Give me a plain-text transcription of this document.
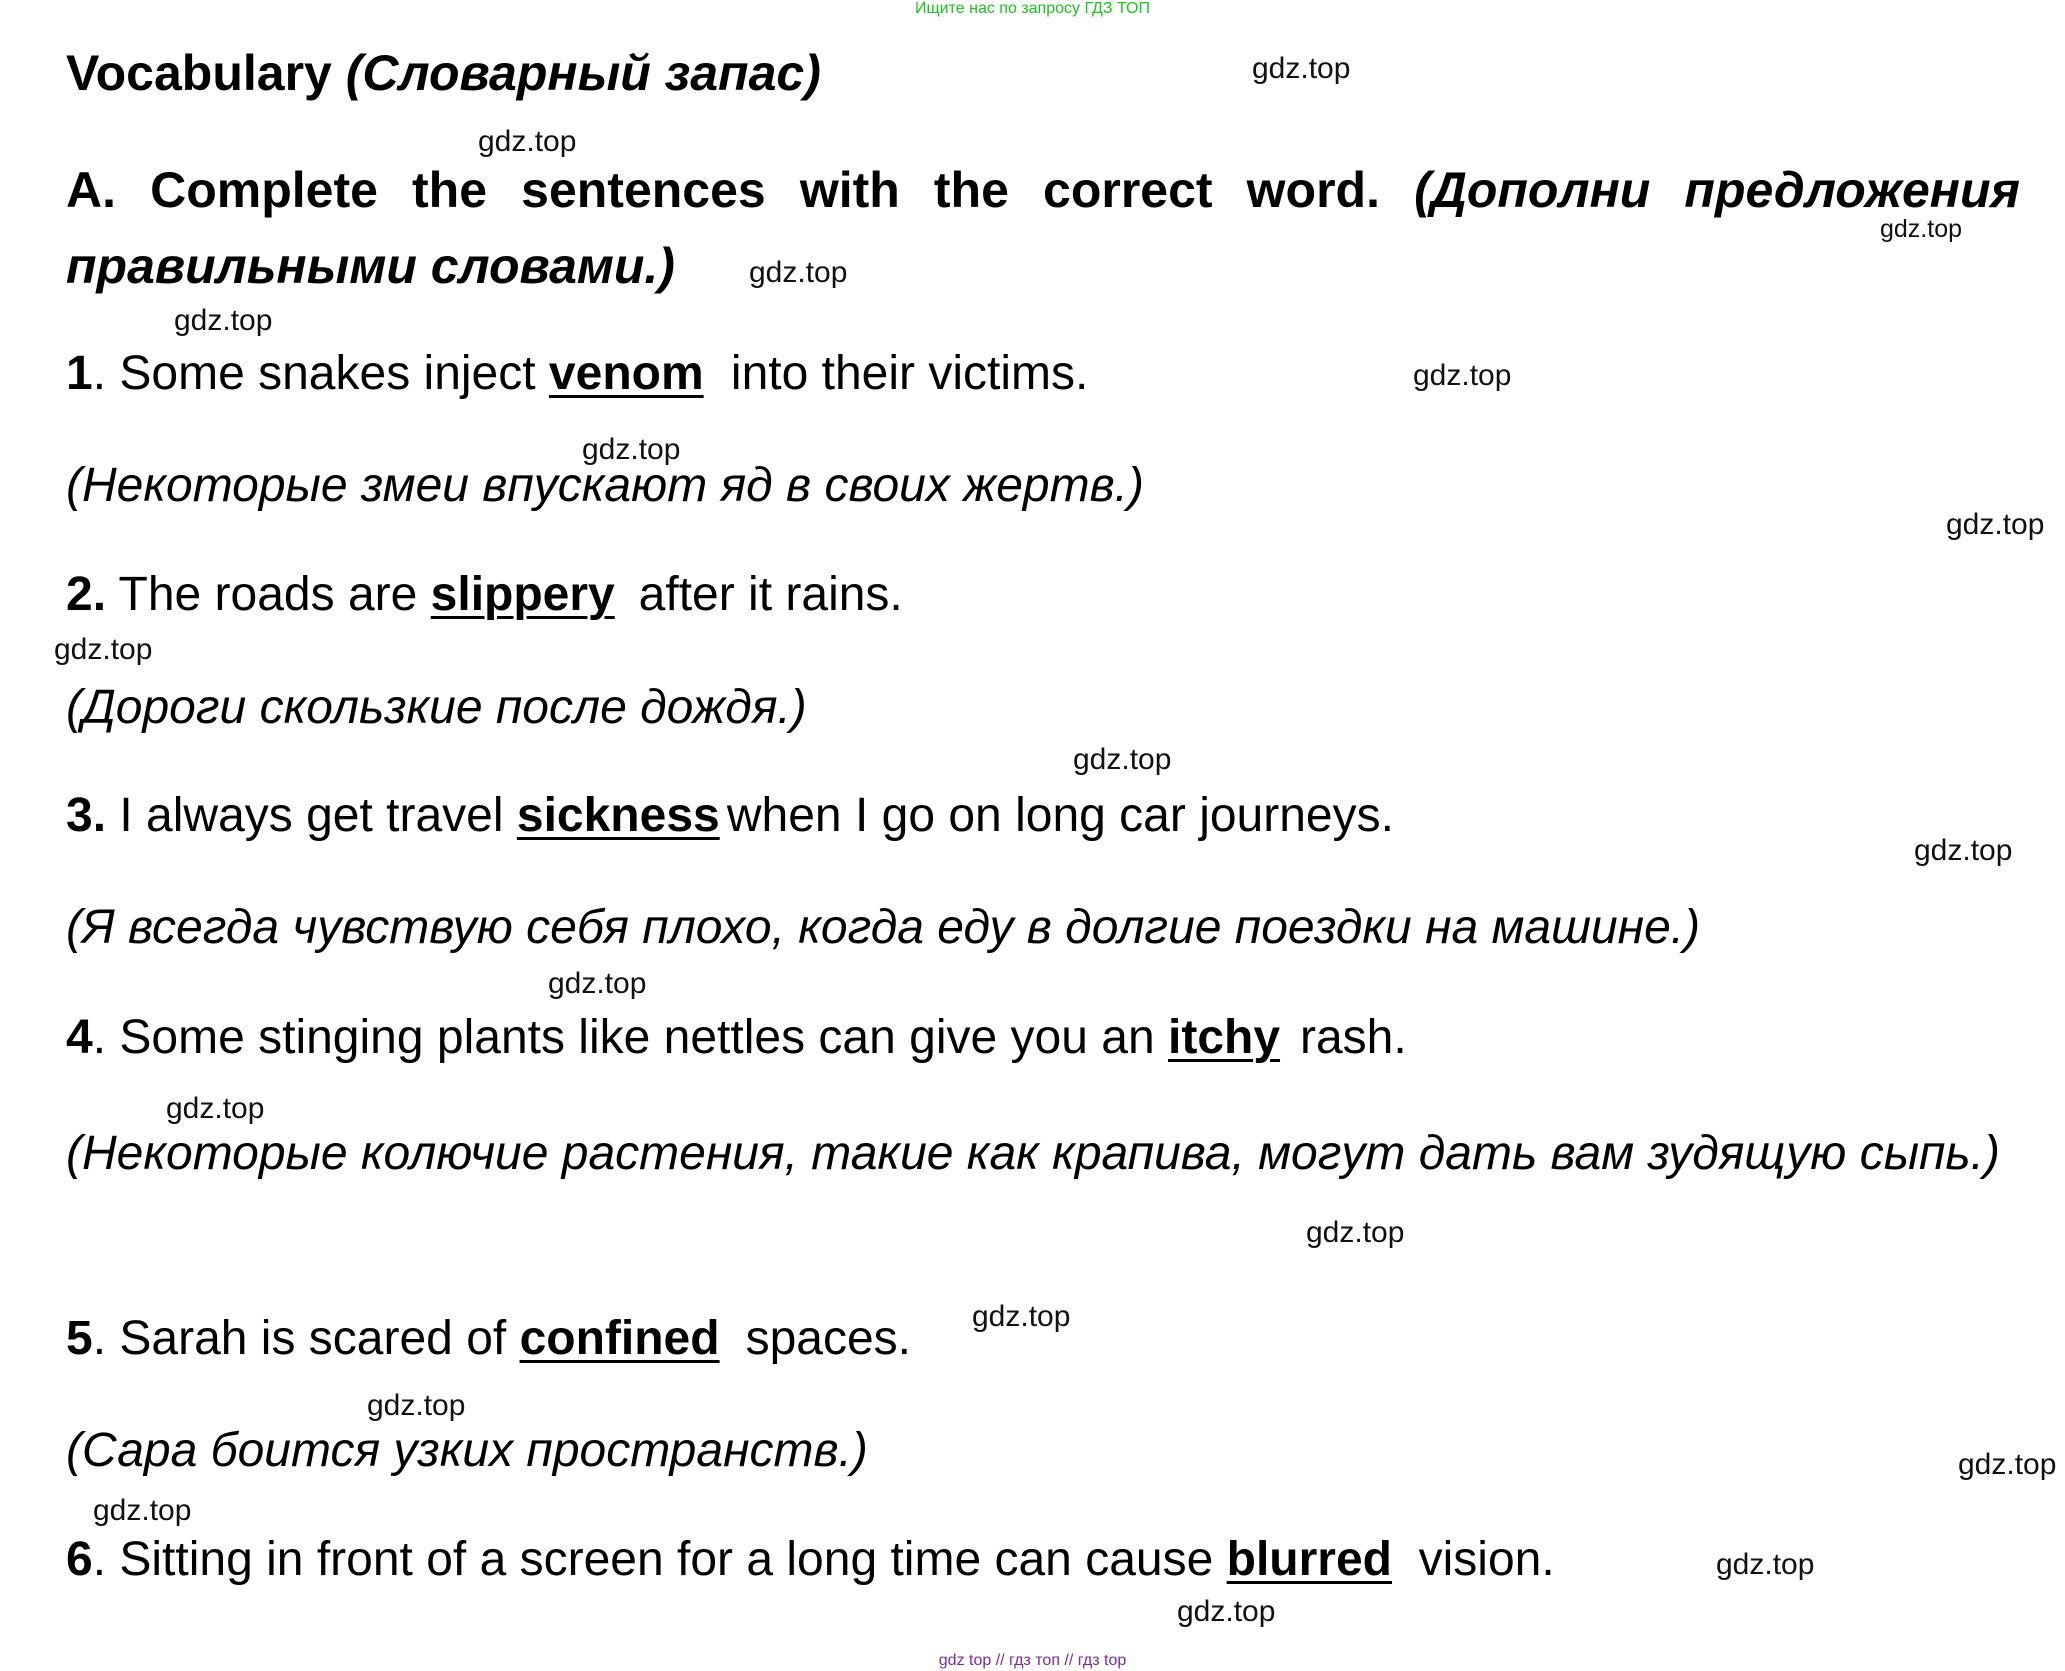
Ищите нас по запросу ГДЗ ТОП
gdz top // гдз топ // гдз top
Vocabulary (Словарный запас)
A. Complete the sentences with the correct word. (Дополни предложения правильными словами.)
1. Some snakes inject venominto their victims.
(Некоторые змеи впускают яд в своих жертв.)
2. The roads are slipperyafter it rains.
(Дороги скользкие после дождя.)
3. I always get travel sicknesswhen I go on long car journeys.
(Я всегда чувствую себя плохо, когда еду в долгие поездки на машине.)
4. Some stinging plants like nettles can give you an itchyrash.
(Некоторые колючие растения, такие как крапива, могут дать вам зудящую сыпь.)
5. Sarah is scared of confinedspaces.
(Сара боится узких пространств.)
6. Sitting in front of a screen for a long time can cause blurredvision.
gdz.top
gdz.top
gdz.top
gdz.top
gdz.top
gdz.top
gdz.top
gdz.top
gdz.top
gdz.top
gdz.top
gdz.top
gdz.top
gdz.top
gdz.top
gdz.top
gdz.top
gdz.top
gdz.top
gdz.top
